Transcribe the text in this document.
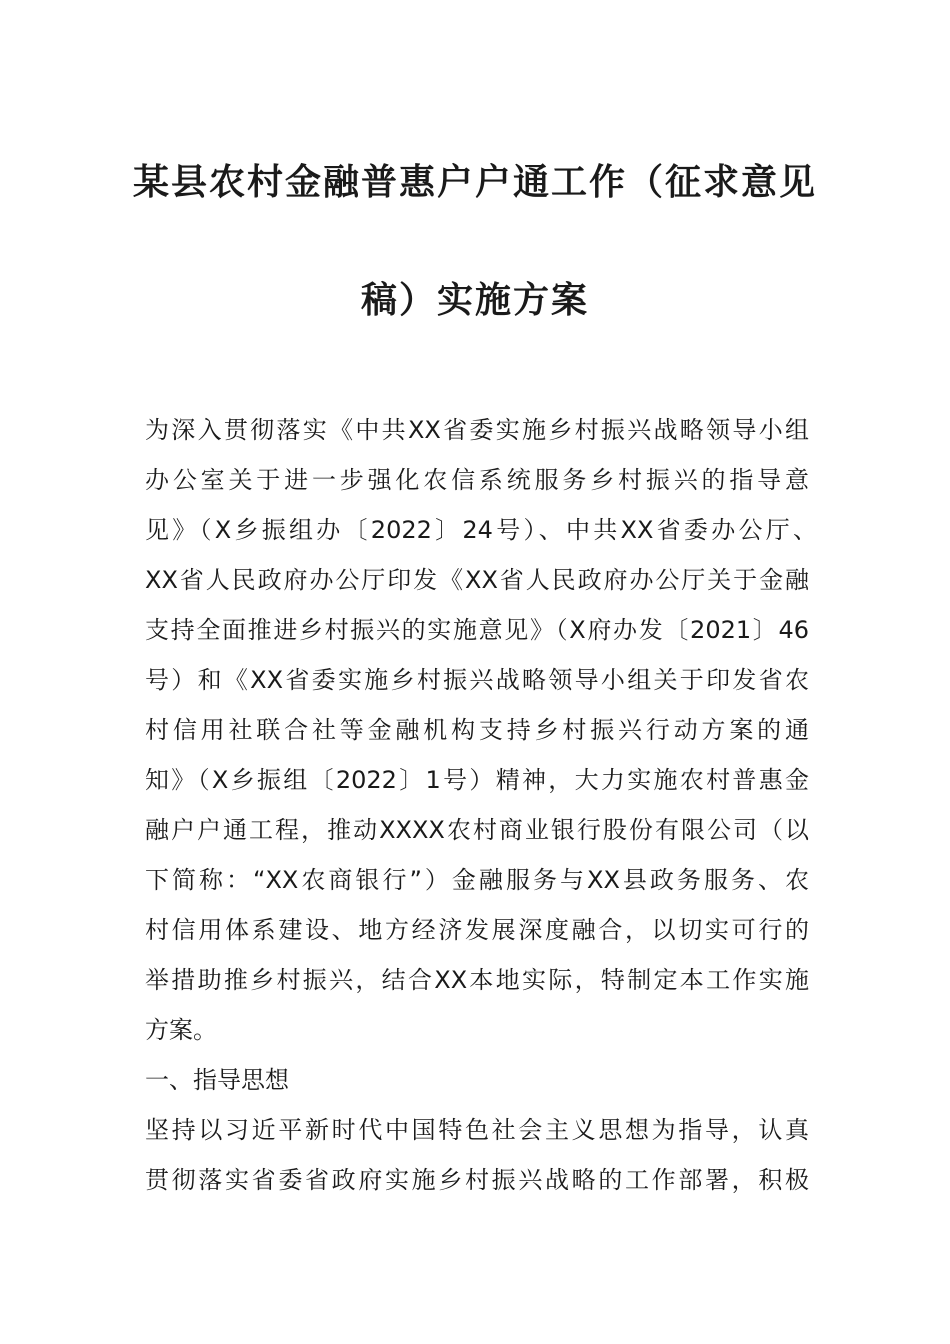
某县农村金融普惠户户通工作（征求意见
稿）实施方案

为深入贯彻落实《中共XX省委实施乡村振兴战略领导小组

办公室关于进一步强化农信系统服务乡村振兴的指导意

见》（X乡振组办〔2022〕24号）、中共XX省委办公厅、

XX省人民政府办公厅印发《XX省人民政府办公厅关于金融

支持全面推进乡村振兴的实施意见》（X府办发〔2021〕46

号）和《XX省委实施乡村振兴战略领导小组关于印发省农

村信用社联合社等金融机构支持乡村振兴行动方案的通

知》（X乡振组〔2022〕1号）精神，大力实施农村普惠金

融户户通工程，推动XXXX农村商业银行股份有限公司（以

下简称：“XX农商银行”）金融服务与XX县政务服务、农

村信用体系建设、地方经济发展深度融合，以切实可行的

举措助推乡村振兴，结合XX本地实际，特制定本工作实施

方案。

一、指导思想

坚持以习近平新时代中国特色社会主义思想为指导，认真

贯彻落实省委省政府实施乡村振兴战略的工作部署，积极
